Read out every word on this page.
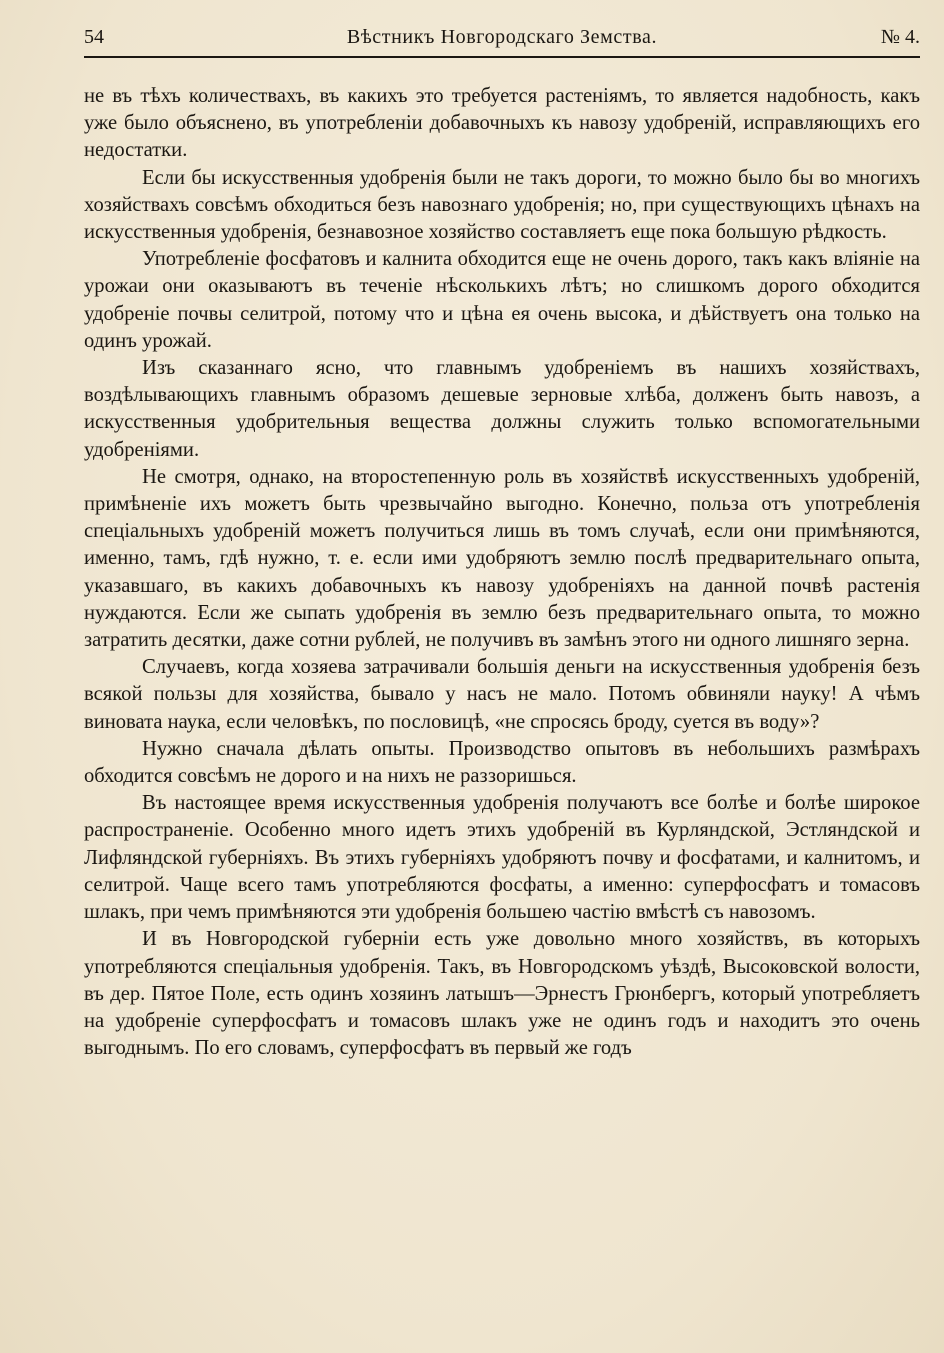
54	Вѣстникъ Новгородскаго Земства.	№ 4.

не въ тѣхъ количествахъ, въ какихъ это требуется растеніямъ, то является надобность, какъ уже было объяснено, въ употребленіи добавочныхъ къ навозу удобреній, исправляющихъ его недостатки.

Если бы искусственныя удобренія были не такъ дороги, то можно было бы во многихъ хозяйствахъ совсѣмъ обходиться безъ навознаго удобренія; но, при существующихъ цѣнахъ на искусственныя удобренія, безнавозное хозяйство составляетъ еще пока большую рѣдкость.

Употребленіе фосфатовъ и калнита обходится еще не очень дорого, такъ какъ вліяніе на урожаи они оказываютъ въ теченіе нѣсколькихъ лѣтъ; но слишкомъ дорого обходится удобреніе почвы селитрой, потому что и цѣна ея очень высока, и дѣйствуетъ она только на одинъ урожай.

Изъ сказаннаго ясно, что главнымъ удобреніемъ въ нашихъ хозяйствахъ, воздѣлывающихъ главнымъ образомъ дешевые зерновые хлѣба, долженъ быть навозъ, а искусственныя удобрительныя вещества должны служить только вспомогательными удобреніями.

Не смотря, однако, на второстепенную роль въ хозяйствѣ искусственныхъ удобреній, примѣненіе ихъ можетъ быть чрезвычайно выгодно. Конечно, польза отъ употребленія спеціальныхъ удобреній можетъ получиться лишь въ томъ случаѣ, если они примѣняются, именно, тамъ, гдѣ нужно, т. е. если ими удобряютъ землю послѣ предварительнаго опыта, указавшаго, въ какихъ добавочныхъ къ навозу удобреніяхъ на данной почвѣ растенія нуждаются. Если же сыпать удобренія въ землю безъ предварительнаго опыта, то можно затратить десятки, даже сотни рублей, не получивъ въ замѣнъ этого ни одного лишняго зерна.

Случаевъ, когда хозяева затрачивали большія деньги на искусственныя удобренія безъ всякой пользы для хозяйства, бывало у насъ не мало. Потомъ обвиняли науку! А чѣмъ виновата наука, если человѣкъ, по пословицѣ, «не спросясь броду, суется въ воду»?

Нужно сначала дѣлать опыты. Производство опытовъ въ небольшихъ размѣрахъ обходится совсѣмъ не дорого и на нихъ не раззоришься.

Въ настоящее время искусственныя удобренія получаютъ все болѣе и болѣе широкое распространеніе. Особенно много идетъ этихъ удобреній въ Курляндской, Эстляндской и Лифляндской губерніяхъ. Въ этихъ губерніяхъ удобряютъ почву и фосфатами, и калнитомъ, и селитрой. Чаще всего тамъ употребляются фосфаты, а именно: суперфосфатъ и томасовъ шлакъ, при чемъ примѣняются эти удобренія большею частію вмѣстѣ съ навозомъ.

И въ Новгородской губерніи есть уже довольно много хозяйствъ, въ которыхъ употребляются спеціальныя удобренія. Такъ, въ Новгородскомъ уѣздѣ, Высоковской волости, въ дер. Пятое Поле, есть одинъ хозяинъ латышъ—Эрнестъ Грюнбергъ, который употребляетъ на удобреніе суперфосфатъ и томасовъ шлакъ уже не одинъ годъ и находитъ это очень выгоднымъ. По его словамъ, суперфосфатъ въ первый же годъ
